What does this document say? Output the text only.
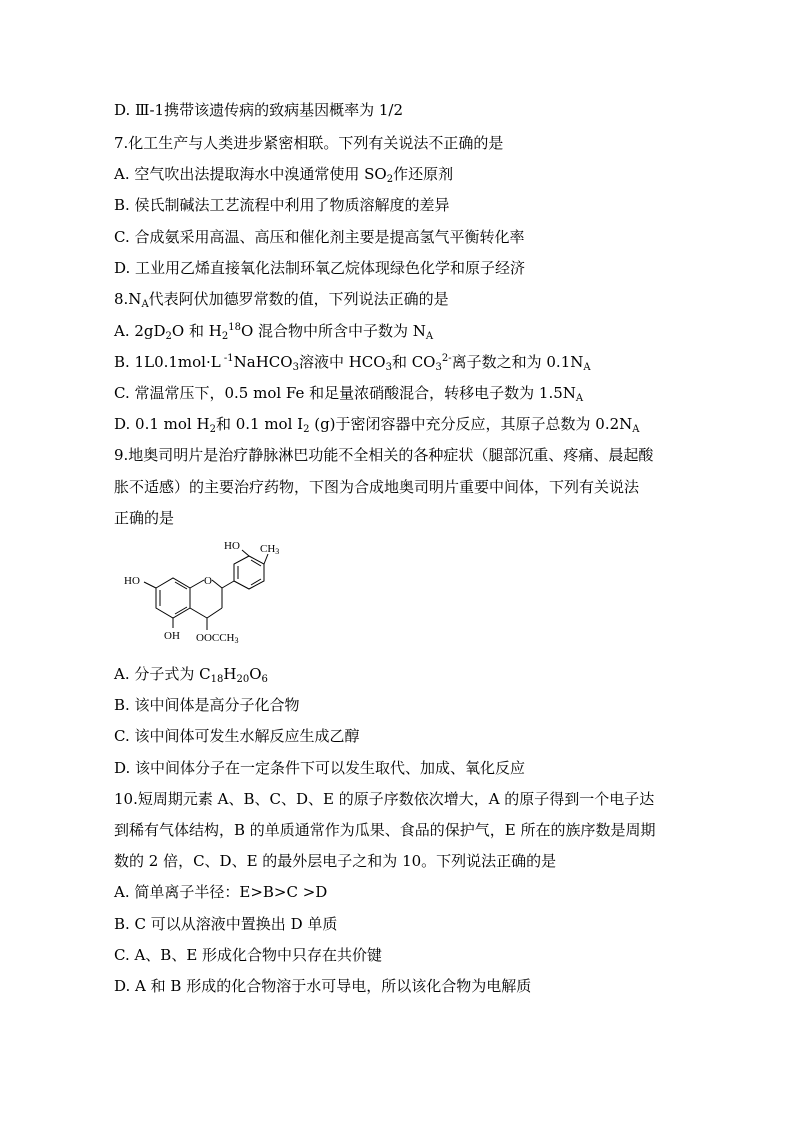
D. Ⅲ-1携带该遗传病的致病基因概率为 1/2
7.化工生产与人类进步紧密相联。下列有关说法不正确的是
A. 空气吹出法提取海水中溴通常使用 $SO_2$作还原剂
B. 侯氏制碱法工艺流程中利用了物质溶解度的差异
C. 合成氨采用高温、高压和催化剂主要是提高氢气平衡转化率
D. 工业用乙烯直接氧化法制环氧乙烷体现绿色化学和原子经济
$8.N_A$代表阿伏加德罗常数的值，下列说法正确的是
A. $2gD_2O$ 和 $H_2^{18}O$ 混合物中所含中子数为 $N_A$
B. 1L0.1mol·L $^{-1}$NaHCO$_3$溶液中 $HCO_3$和 $CO_3^{2-}$离子数之和为 $0.1N_A$
C. 常温常压下，0.5 mol Fe 和足量浓硝酸混合，转移电子数为 $1.5N_A$
D. 0.1 mol $H_2$和 0.1 mol $I_2$ (g)于密闭容器中充分反应，其原子总数为 $0.2N_A$
9.地奥司明片是治疗静脉淋巴功能不全相关的各种症状（腿部沉重、疼痛、晨起酸
胀不适感）的主要治疗药物，下图为合成地奥司明片重要中间体，下列有关说法
正确的是
HO CH3
HO	O
OH OOCCH3
A. 分子式为 $C_{18}H_{20}O_6$
B. 该中间体是高分子化合物
C. 该中间体可发生水解反应生成乙醇
D. 该中间体分子在一定条件下可以发生取代、加成、氧化反应
10.短周期元素 A、B、C、D、E 的原子序数依次增大，A 的原子得到一个电子达
到稀有气体结构，B 的单质通常作为瓜果、食品的保护气，E 所在的族序数是周期
数的 2 倍，C、D、E 的最外层电子之和为 10。下列说法正确的是
A. 简单离子半径：E>B>C >D
B. C 可以从溶液中置换出 D 单质
C. A、B、E 形成化合物中只存在共价键
D. A 和 B 形成的化合物溶于水可导电，所以该化合物为电解质
